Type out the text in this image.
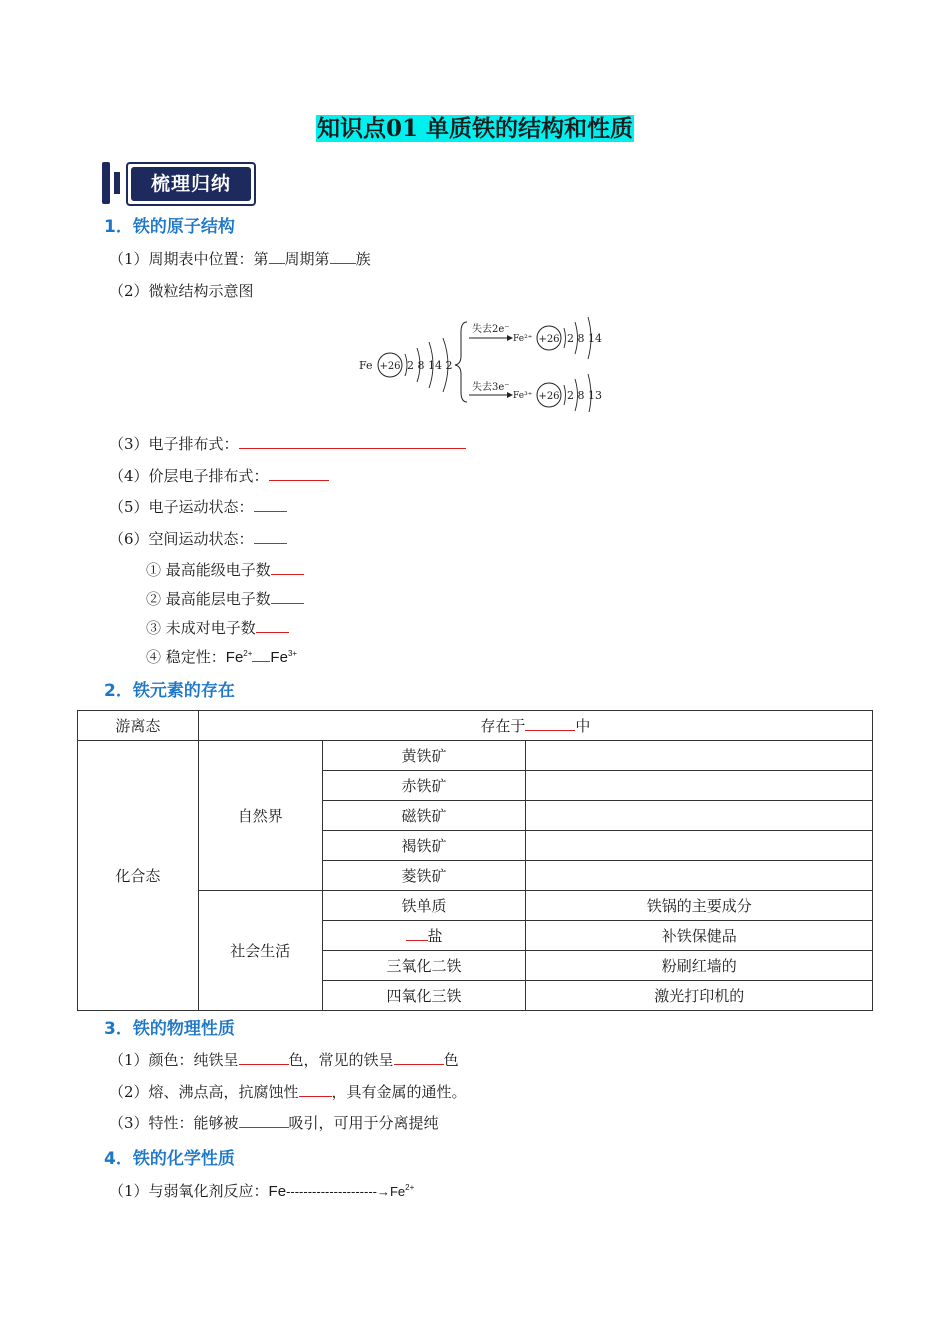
知识点01 单质铁的结构和性质
梳理归纳
1．铁的原子结构
（1）周期表中位置：第 周期第 族
（2）微粒结构示意图
Fe +26 2 8 14 2
失去2e⁻
Fe²⁺ +26 2 8 14
失去3e⁻
Fe³⁺ +26 2 8 13
（3）电子排布式：
（4）价层电子排布式：
（5）电子运动状态：
（6）空间运动状态：
① 最高能级电子数
② 最高能层电子数
③ 未成对电子数
④ 稳定性：$Fe^{2+}$ $Fe^{3+}$
2．铁元素的存在
游离态	存在于 中		
化合态	自然界	黄铁矿	
		赤铁矿	
		磁铁矿	
		褐铁矿	
		菱铁矿	
	社会生活	铁单质	铁锅的主要成分
		盐	补铁保健品
		三氧化二铁	粉刷红墙的
		四氧化三铁	激光打印机的
3．铁的物理性质
（1）颜色：纯铁呈	色，常见的铁呈	色
（2）熔、沸点高，抗腐蚀性 ，具有金属的通性。
（3）特性：能够被	吸引，可用于分离提纯
4．铁的化学性质
（1）与弱氧化剂反应：$Fe---------------------\to Fe^{2+}$
